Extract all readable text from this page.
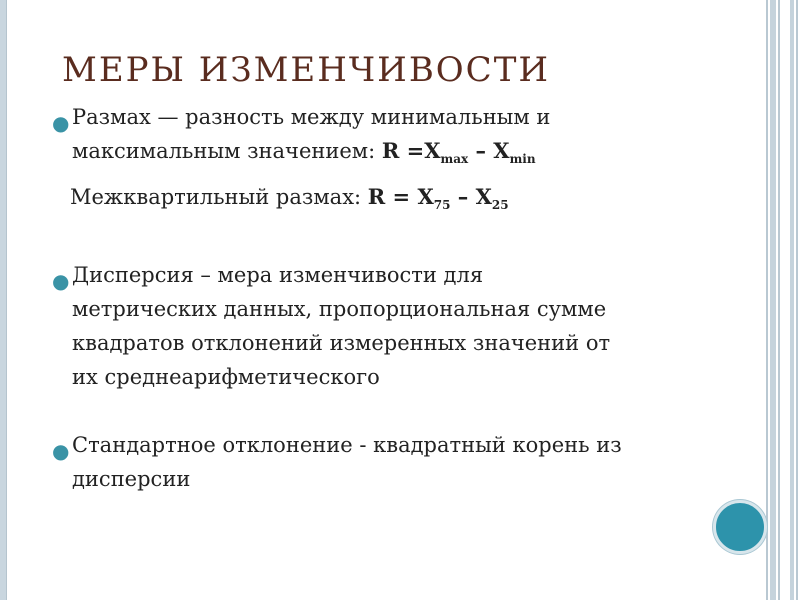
МЕРЫ ИЗМЕНЧИВОСТИ
● Размах — разность между минимальным и
максимальным значением: $R =X_{max} - X_{min}$
Межквартильный размах: $R = X_{75} - X_{25}$
● Дисперсия – мера изменчивости для метрических данных, пропорциональная сумме квадратов отклонений измеренных значений от их среднеарифметического
● Стандартное отклонение - квадратный корень из дисперсии
